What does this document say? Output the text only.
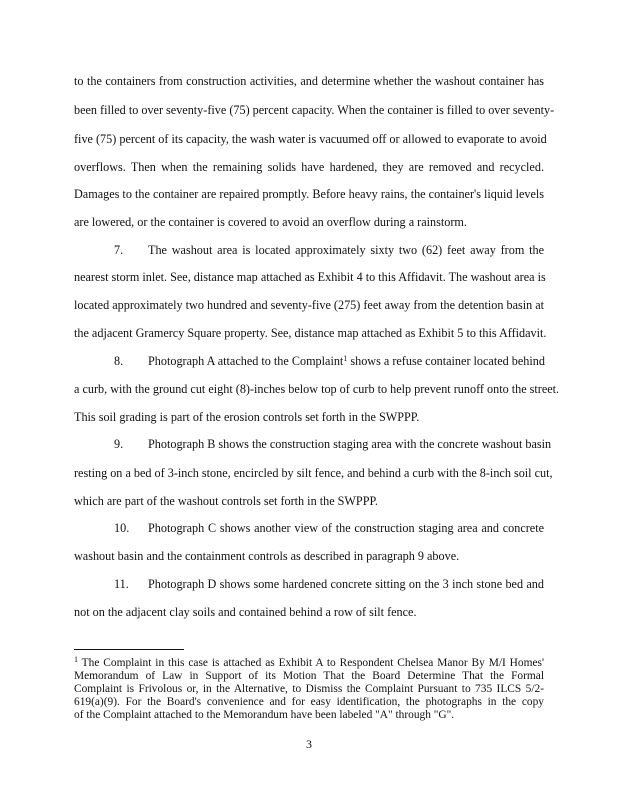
to the containers from construction activities, and determine whether the washout container has
been filled to over seventy-five (75) percent capacity. When the container is filled to over seventy-
five (75) percent of its capacity, the wash water is vacuumed off or allowed to evaporate to avoid
overflows. Then when the remaining solids have hardened, they are removed and recycled.
Damages to the container are repaired promptly. Before heavy rains, the container's liquid levels
are lowered, or the container is covered to avoid an overflow during a rainstorm.
7. The washout area is located approximately sixty two (62) feet away from the
nearest storm inlet. See, distance map attached as Exhibit 4 to this Affidavit. The washout area is
located approximately two hundred and seventy-five (275) feet away from the detention basin at
the adjacent Gramercy Square property. See, distance map attached as Exhibit 5 to this Affidavit.
8. Photograph A attached to the Complaint$^1$ shows a refuse container located behind
a curb, with the ground cut eight (8)-inches below top of curb to help prevent runoff onto the street.
This soil grading is part of the erosion controls set forth in the SWPPP.
9. Photograph B shows the construction staging area with the concrete washout basin
resting on a bed of 3-inch stone, encircled by silt fence, and behind a curb with the 8-inch soil cut,
which are part of the washout controls set forth in the SWPPP.
10. Photograph C shows another view of the construction staging area and concrete
washout basin and the containment controls as described in paragraph 9 above.
11. Photograph D shows some hardened concrete sitting on the 3 inch stone bed and
not on the adjacent clay soils and contained behind a row of silt fence.
$^1$ The Complaint in this case is attached as Exhibit A to Respondent Chelsea Manor By M/I Homes'
Memorandum of Law in Support of its Motion That the Board Determine That the Formal
Complaint is Frivolous or, in the Alternative, to Dismiss the Complaint Pursuant to 735 ILCS 5/2-
619(a)(9). For the Board's convenience and for easy identification, the photographs in the copy
of the Complaint attached to the Memorandum have been labeled "A" through "G".
3
